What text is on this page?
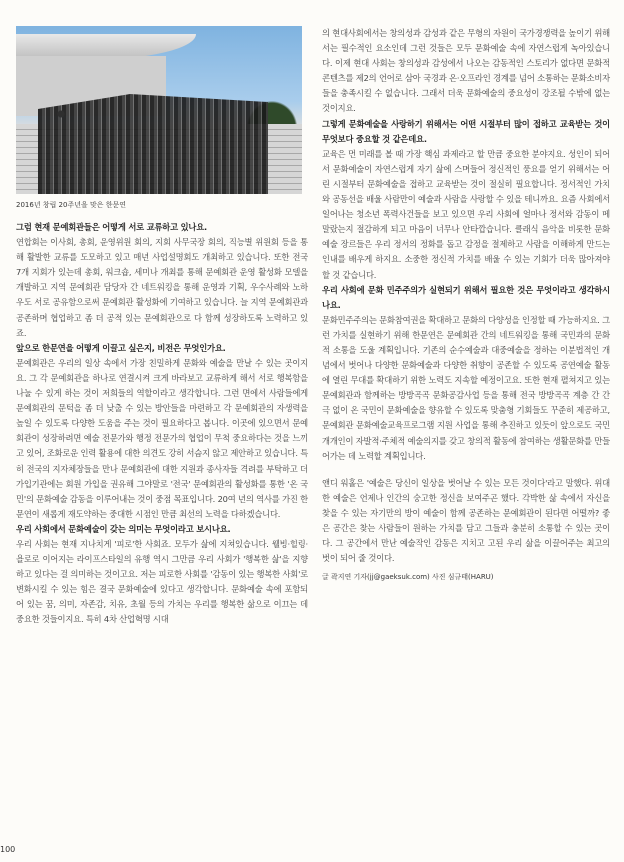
2016년 창립 20주년을 맞은 한문연

그럼 현재 문예회관들은 어떻게 서로 교류하고 있나요.

연합회는 이사회, 총회, 운영위원 회의, 지회 사무국장 회의, 직능별 위원회 등을 통해 활발한 교류를 도모하고 있고 매년 사업설명회도 개최하고 있습니다. 또한 전국 7개 지회가 있는데 총회, 워크숍, 세미나 개최를 통해 문예회관 운영 활성화 모델을 개발하고 지역 문예회관 담당자 간 네트워킹을 통해 운영과 기획, 우수사례와 노하우도 서로 공유함으로써 문예회관 활성화에 기여하고 있습니다. 늘 지역 문예회관과 공존하며 협업하고 좀 더 공적 있는 문예회관으로 다 함께 성장하도록 노력하고 있죠.

앞으로 한문연을 어떻게 이끌고 싶은지, 비전은 무엇인가요.

문예회관은 우리의 일상 속에서 가장 친밀하게 문화와 예술을 만날 수 있는 곳이지요. 그 각 문예회관을 하나로 연결시켜 크게 바라보고 교류하게 해서 서로 행복함을 나눌 수 있게 하는 것이 저희들의 역할이라고 생각합니다. 그런 면에서 사람들에게 문예회관의 문턱을 좀 더 낮출 수 있는 방안들을 마련하고 각 문예회관의 자생력을 높일 수 있도록 다양한 도움을 주는 것이 필요하다고 봅니다. 이곳에 있으면서 문예회관이 성장하려면 예술 전문가와 행정 전문가의 협업이 무척 중요하다는 것을 느끼고 있어, 조화로운 인력 활용에 대한 의견도 강히 서슴지 않고 제안하고 있습니다. 특히 전국의 지자체장들을 만나 문예회관에 대한 지원과 종사자들 격려를 부탁하고 더 가입기관에는 회원 가입을 권유해 그야말로 '전국' 문예회관의 활성화를 통한 '온 국민'의 문화예술 감동을 이루어내는 것이 중점 목표입니다. 20여 년의 역사를 가진 한문연이 새롭게 재도약하는 중대한 시점인 만큼 최선의 노력을 다하겠습니다.

우리 사회에서 문화예술이 갖는 의미는 무엇이라고 보시나요.

우리 사회는 현재 지나치게 '피로'한 사회죠. 모두가 삶에 지쳐있습니다. 웰빙·힐링·욜로로 이어지는 라이프스타일의 유행 역시 그만큼 우리 사회가 '행복한 삶'을 지향하고 있다는 걸 의미하는 것이고요. 저는 피로한 사회를 '감동이 있는 행복한 사회'로 변화시킬 수 있는 힘은 결국 문화예술에 있다고 생각합니다. 문화예술 속에 포함되어 있는 꿈, 의미, 자존감, 치유, 초월 등의 가치는 우리를 행복한 삶으로 이끄는 데 중요한 것들이지요. 특히 4차 산업혁명 시대

의 현대사회에서는 창의성과 감성과 같은 무형의 자원이 국가경쟁력을 높이기 위해서는 필수적인 요소인데 그런 것들은 모두 문화예술 속에 자연스럽게 녹아있습니다. 이제 현대 사회는 창의성과 감성에서 나오는 감동적인 스토리가 없다면 문화적 콘텐츠를 제2의 언어로 삼아 국경과 온·오프라인 경계를 넘어 소통하는 문화소비자들을 충족시킬 수 없습니다. 그래서 더욱 문화예술의 중요성이 강조될 수밖에 없는 것이지요.

그렇게 문화예술을 사랑하기 위해서는 어떤 시절부터 많이 접하고 교육받는 것이 무엇보다 중요할 것 같은데요.

교육은 먼 미래를 볼 때 가장 핵심 과제라고 할 만큼 중요한 분야지요. 성인이 되어서 문화예술이 자연스럽게 자기 삶에 스며들어 정신적인 풍요를 얻기 위해서는 어린 시절부터 문화예술을 접하고 교육받는 것이 절실히 필요합니다. 정서적인 가치와 공동선을 배울 사람만이 예술과 사람을 사랑할 수 있을 테니까요. 요즘 사회에서 일어나는 청소년 폭력사건들을 보고 있으면 우리 사회에 얼마나 정서와 감동이 메말랐는지 절감하게 되고 마음이 너무나 안타깝습니다. 클래식 음악을 비롯한 문화예술 장르들은 우리 정서의 정화를 돕고 감정을 절제하고 사람을 이해하게 만드는 인내를 배우게 하지요. 소중한 정신적 가치를 배울 수 있는 기회가 더욱 많아져야 할 것 같습니다.

우리 사회에 문화 민주주의가 실현되기 위해서 필요한 것은 무엇이라고 생각하시나요.

문화민주주의는 문화참여권을 확대하고 문화의 다양성을 인정할 때 가능하지요. 그런 가치를 실현하기 위해 한문연은 문예회관 간의 네트워킹을 통해 국민과의 문화적 소통을 도울 계획입니다. 기존의 순수예술과 대중예술을 정하는 이분법적인 개념에서 벗어나 다양한 문화예술과 다양한 취향이 공존할 수 있도록 공연예술 활동에 열린 무대를 확대하기 위한 노력도 지속할 예정이고요. 또한 현재 펼쳐지고 있는 문예회관과 함께하는 방방곡곡 문화공감사업 등을 통해 전국 방방곡곡 계층 간 간극 없이 온 국민이 문화예술을 향유할 수 있도록 맞춤형 기회들도 꾸준히 제공하고, 문예회관 문화예술교육프로그램 지원 사업을 통해 추진하고 있듯이 앞으로도 국민 개개인이 자발적·주체적 예술의지를 갖고 창의적 활동에 참여하는 생활문화를 만들어가는 데 노력할 계획입니다.

앤디 워홀은 '예술은 당신이 일상을 벗어날 수 있는 모든 것이다'라고 말했다. 위대한 예술은 언제나 인간의 숭고한 정신을 보여주곤 했다. 각박한 삶 속에서 자신을 찾을 수 있는 자기만의 방이 예술이 함께 공존하는 문예회관이 된다면 어떨까? 좋은 공간은 찾는 사람들이 원하는 가치를 담고 그들과 충분히 소통할 수 있는 곳이다. 그 공간에서 만난 예술작인 감동은 지치고 고된 우리 삶을 이끌어주는 최고의 벗이 되어 줄 것이다.

글 곽지연 기자(jj@gaeksuk.com) 사진 심규태(HARU)
100
